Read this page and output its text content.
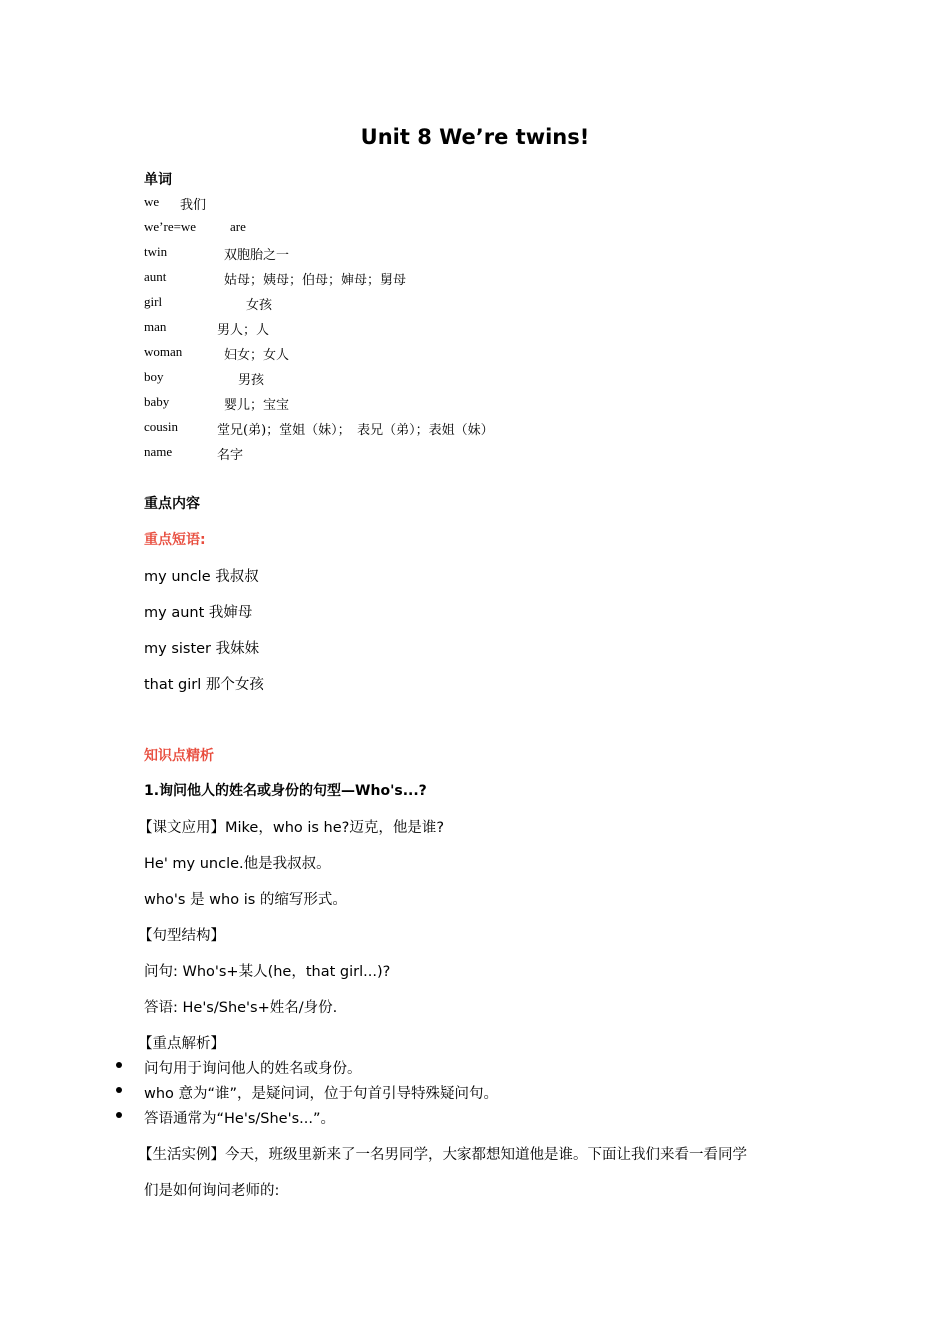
Unit 8 We’re twins!
单词
we 我们
we’re=we	are
twin	双胞胎之一
aunt	姑母；姨母；伯母；婶母；舅母
girl	女孩
man	男人；人
woman	妇女；女人
boy	男孩
baby	婴儿；宝宝
cousin	堂兄(弟)；堂姐（妹）；　表兄（弟）；表姐（妹）
name	名字
重点内容
重点短语:
my uncle 我叔叔
my aunt 我婶母
my sister 我妹妹
that girl 那个女孩
知识点精析
1.询问他人的姓名或身份的句型—Who's...?
【课文应用】Mike，who is he?迈克，他是谁?
He' my uncle.他是我叔叔。
who's 是 who is 的缩写形式。
【句型结构】
问句: Who's+某人(he，that girl...)?
答语: He's/She's+姓名/身份.
【重点解析】
问句用于询问他人的姓名或身份。
who 意为“谁”，是疑问词，位于句首引导特殊疑问句。
答语通常为“He's/She's...”。
【生活实例】今天，班级里新来了一名男同学，大家都想知道他是谁。下面让我们来看一看同学
们是如何询问老师的:
